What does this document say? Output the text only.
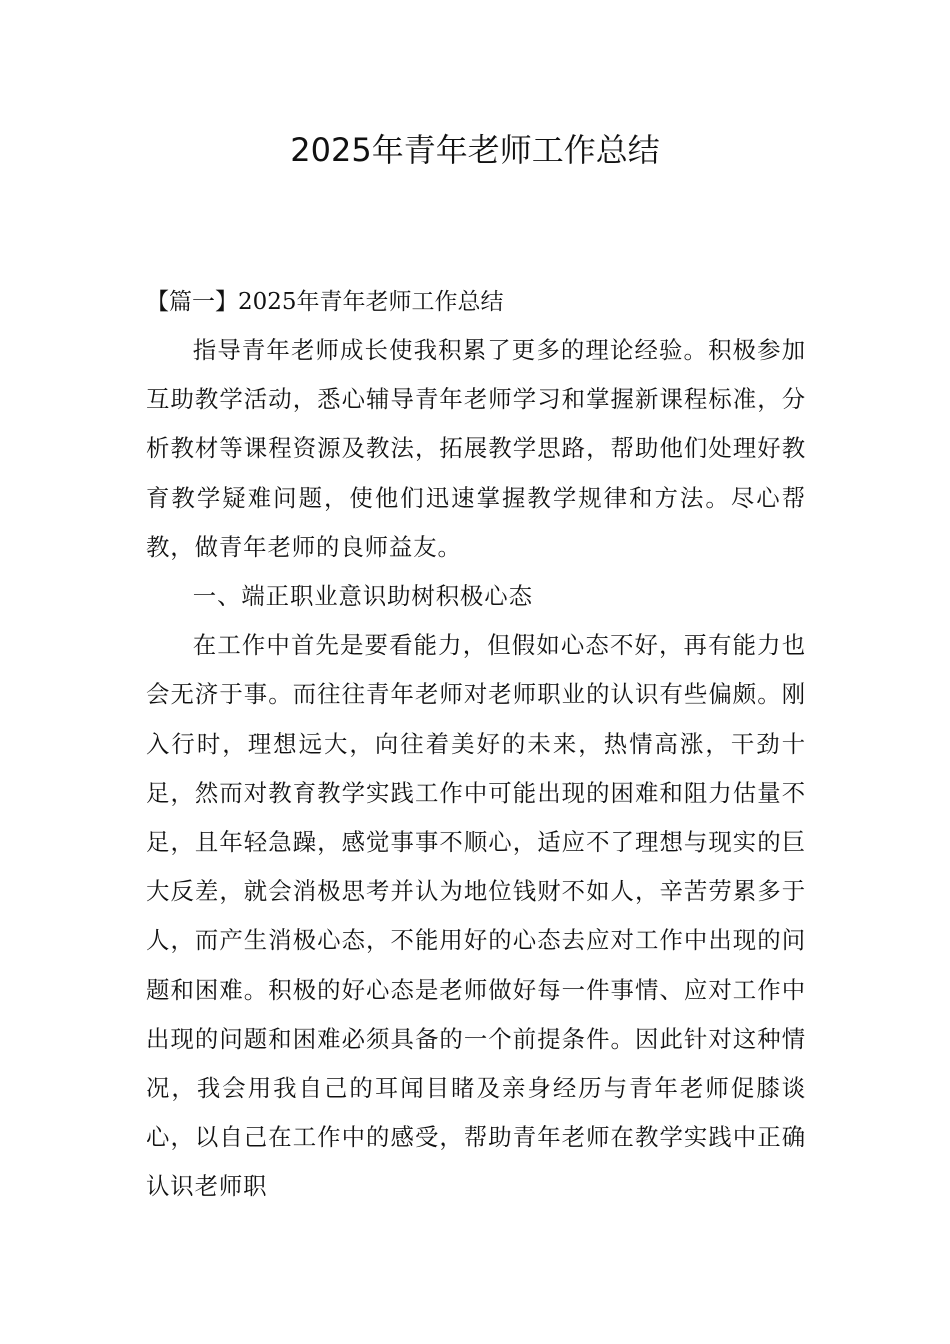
2025年青年老师工作总结

【篇一】2025年青年老师工作总结

指导青年老师成长使我积累了更多的理论经验。积极参加互助教学活动，悉心辅导青年老师学习和掌握新课程标准，分析教材等课程资源及教法，拓展教学思路，帮助他们处理好教育教学疑难问题，使他们迅速掌握教学规律和方法。尽心帮教，做青年老师的良师益友。

一、端正职业意识助树积极心态

在工作中首先是要看能力，但假如心态不好，再有能力也会无济于事。而往往青年老师对老师职业的认识有些偏颇。刚入行时，理想远大，向往着美好的未来，热情高涨，干劲十足，然而对教育教学实践工作中可能出现的困难和阻力估量不足，且年轻急躁，感觉事事不顺心，适应不了理想与现实的巨大反差，就会消极思考并认为地位钱财不如人，辛苦劳累多于人，而产生消极心态，不能用好的心态去应对工作中出现的问题和困难。积极的好心态是老师做好每一件事情、应对工作中出现的问题和困难必须具备的一个前提条件。因此针对这种情况，我会用我自己的耳闻目睹及亲身经历与青年老师促膝谈心，以自己在工作中的感受，帮助青年老师在教学实践中正确认识老师职
